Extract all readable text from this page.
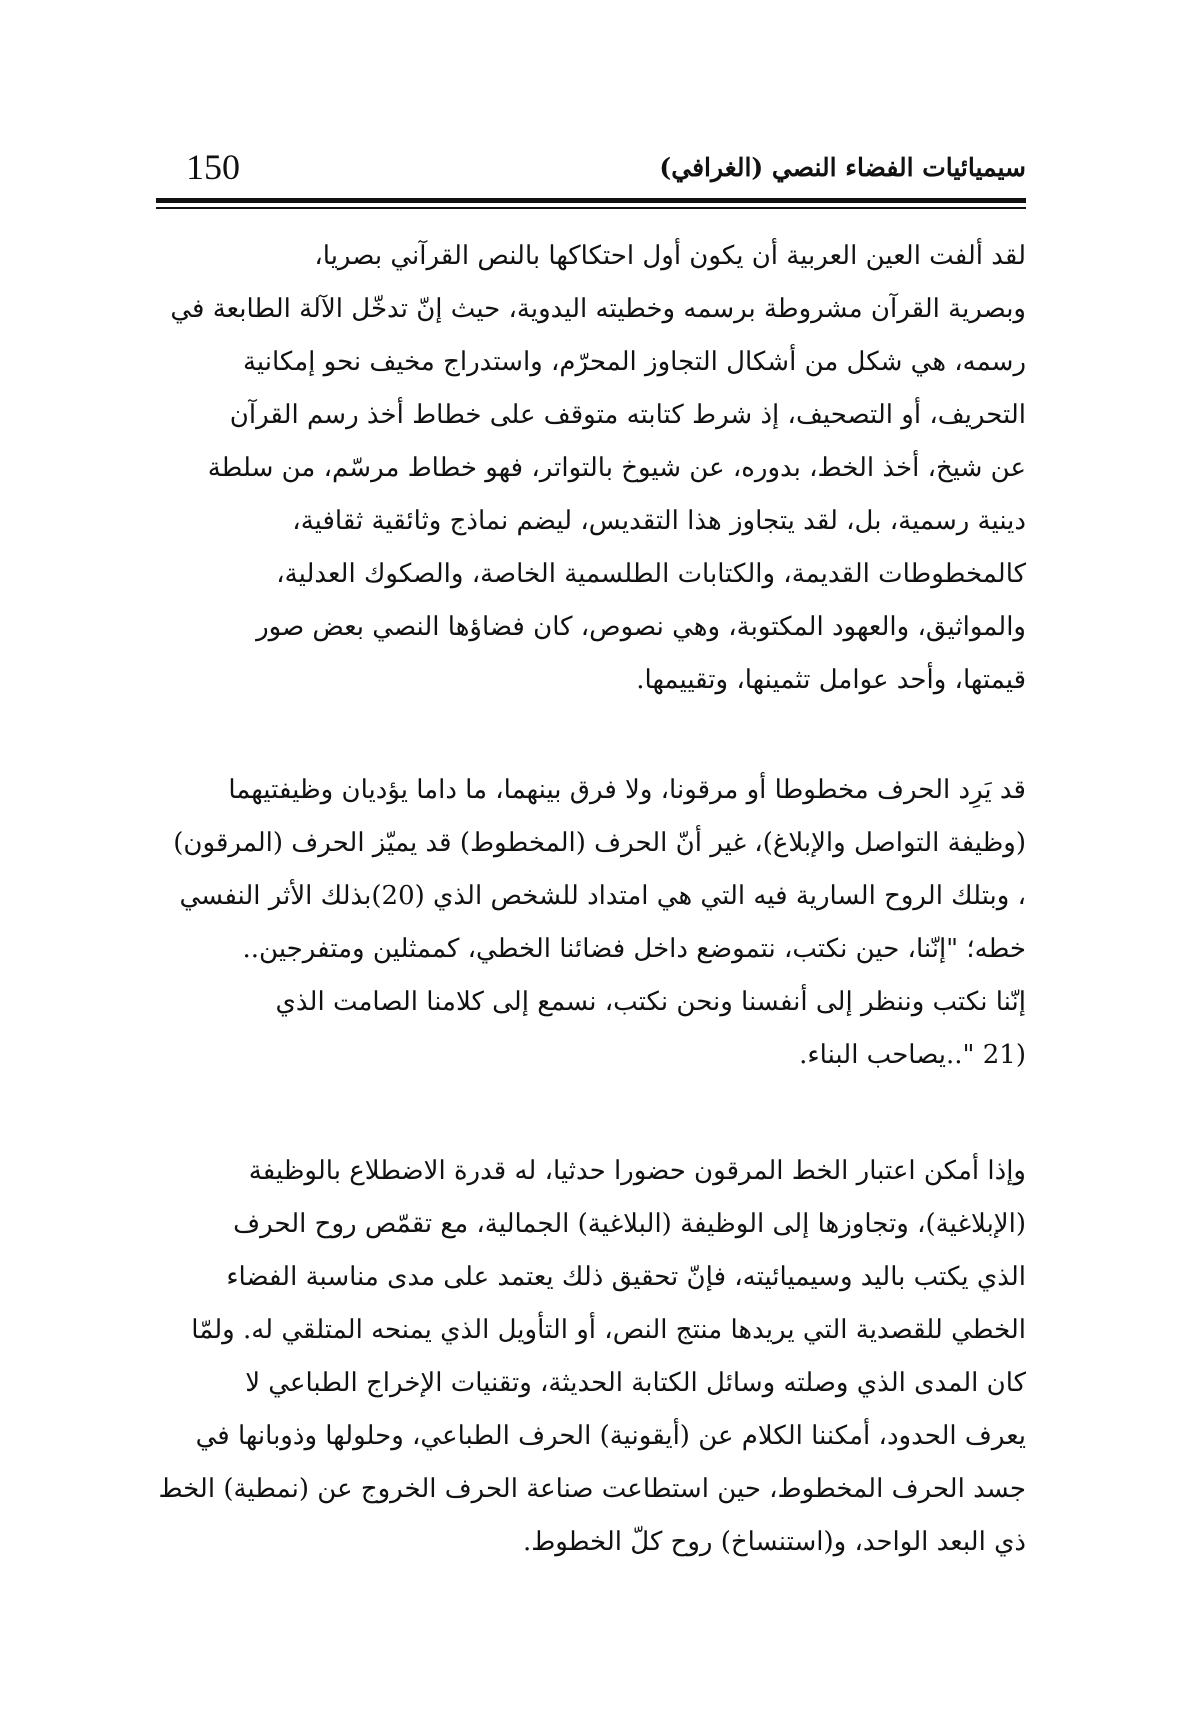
150	سيميائيات الفضاء النصي (الغرافي)
لقد ألفت العين العربية أن يكون أول احتكاكها بالنص القرآني بصريا،
وبصرية القرآن مشروطة برسمه وخطيته اليدوية، حيث إنّ تدخّل الآلة الطابعة في
رسمه، هي شكل من أشكال التجاوز المحرّم، واستدراج مخيف نحو إمكانية
التحريف، أو التصحيف، إذ شرط كتابته متوقف على خطاط أخذ رسم القرآن
عن شيخ، أخذ الخط، بدوره، عن شيوخ بالتواتر، فهو خطاط مرسّم، من سلطة
دينية رسمية، بل، لقد يتجاوز هذا التقديس، ليضم نماذج وثائقية ثقافية،
كالمخطوطات القديمة، والكتابات الطلسمية الخاصة، والصكوك العدلية،
والمواثيق، والعهود المكتوبة، وهي نصوص، كان فضاؤها النصي بعض صور
قيمتها، وأحد عوامل تثمينها، وتقييمها.
قد يَرِد الحرف مخطوطا أو مرقونا، ولا فرق بينهما، ما داما يؤديان وظيفتيهما
(وظيفة التواصل والإبلاغ)، غير أنّ الحرف (المخطوط) قد يميّز الحرف (المرقون)
، وبتلك الروح السارية فيه التي هي امتداد للشخص الذي (20)بذلك الأثر النفسي
خطه؛ "إنّنا، حين نكتب، نتموضع داخل فضائنا الخطي، كممثلين ومتفرجين..
إنّنا نكتب وننظر إلى أنفسنا ونحن نكتب، نسمع إلى كلامنا الصامت الذي
(21 "..يصاحب البناء.
وإذا أمكن اعتبار الخط المرقون حضورا حدثيا، له قدرة الاضطلاع بالوظيفة
(الإبلاغية)، وتجاوزها إلى الوظيفة (البلاغية) الجمالية، مع تقمّص روح الحرف
الذي يكتب باليد وسيميائيته، فإنّ تحقيق ذلك يعتمد على مدى مناسبة الفضاء
الخطي للقصدية التي يريدها منتج النص، أو التأويل الذي يمنحه المتلقي له. ولمّا
كان المدى الذي وصلته وسائل الكتابة الحديثة، وتقنيات الإخراج الطباعي لا
يعرف الحدود، أمكننا الكلام عن (أيقونية) الحرف الطباعي، وحلولها وذوبانها في
جسد الحرف المخطوط، حين استطاعت صناعة الحرف الخروج عن (نمطية) الخط
ذي البعد الواحد، و(استنساخ) روح كلّ الخطوط.
